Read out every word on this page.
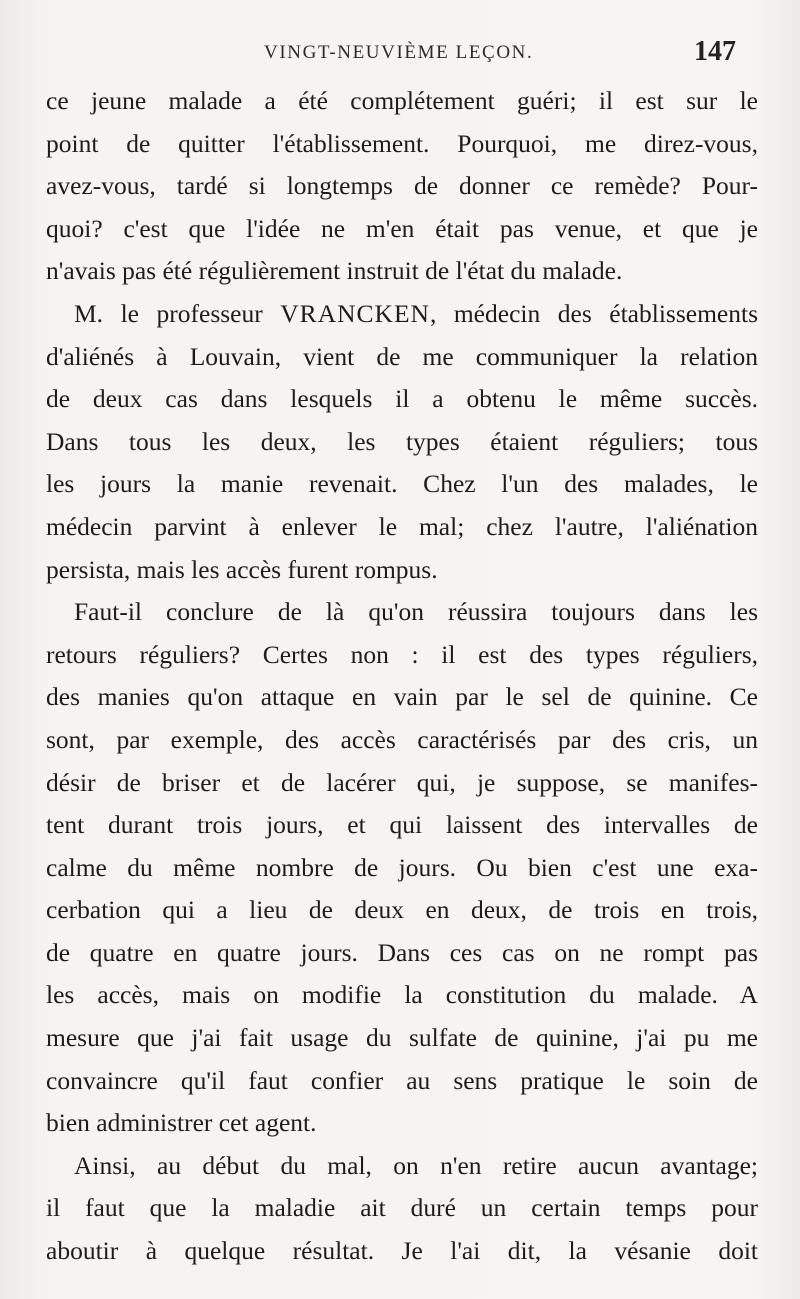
VINGT-NEUVIÈME LEÇON.	147
ce jeune malade a été complétement guéri; il est sur le
point de quitter l'établissement. Pourquoi, me direz-vous,
avez-vous, tardé si longtemps de donner ce remède? Pour-
quoi? c'est que l'idée ne m'en était pas venue, et que je
n'avais pas été régulièrement instruit de l'état du malade.
M. le professeur VRANCKEN, médecin des établissements
d'aliénés à Louvain, vient de me communiquer la relation
de deux cas dans lesquels il a obtenu le même succès.
Dans tous les deux, les types étaient réguliers; tous
les jours la manie revenait. Chez l'un des malades, le
médecin parvint à enlever le mal; chez l'autre, l'aliénation
persista, mais les accès furent rompus.
Faut-il conclure de là qu'on réussira toujours dans les
retours réguliers? Certes non : il est des types réguliers,
des manies qu'on attaque en vain par le sel de quinine. Ce
sont, par exemple, des accès caractérisés par des cris, un
désir de briser et de lacérer qui, je suppose, se manifes-
tent durant trois jours, et qui laissent des intervalles de
calme du même nombre de jours. Ou bien c'est une exa-
cerbation qui a lieu de deux en deux, de trois en trois,
de quatre en quatre jours. Dans ces cas on ne rompt pas
les accès, mais on modifie la constitution du malade. A
mesure que j'ai fait usage du sulfate de quinine, j'ai pu me
convaincre qu'il faut confier au sens pratique le soin de
bien administrer cet agent.
Ainsi, au début du mal, on n'en retire aucun avantage;
il faut que la maladie ait duré un certain temps pour
aboutir à quelque résultat. Je l'ai dit, la vésanie doit
